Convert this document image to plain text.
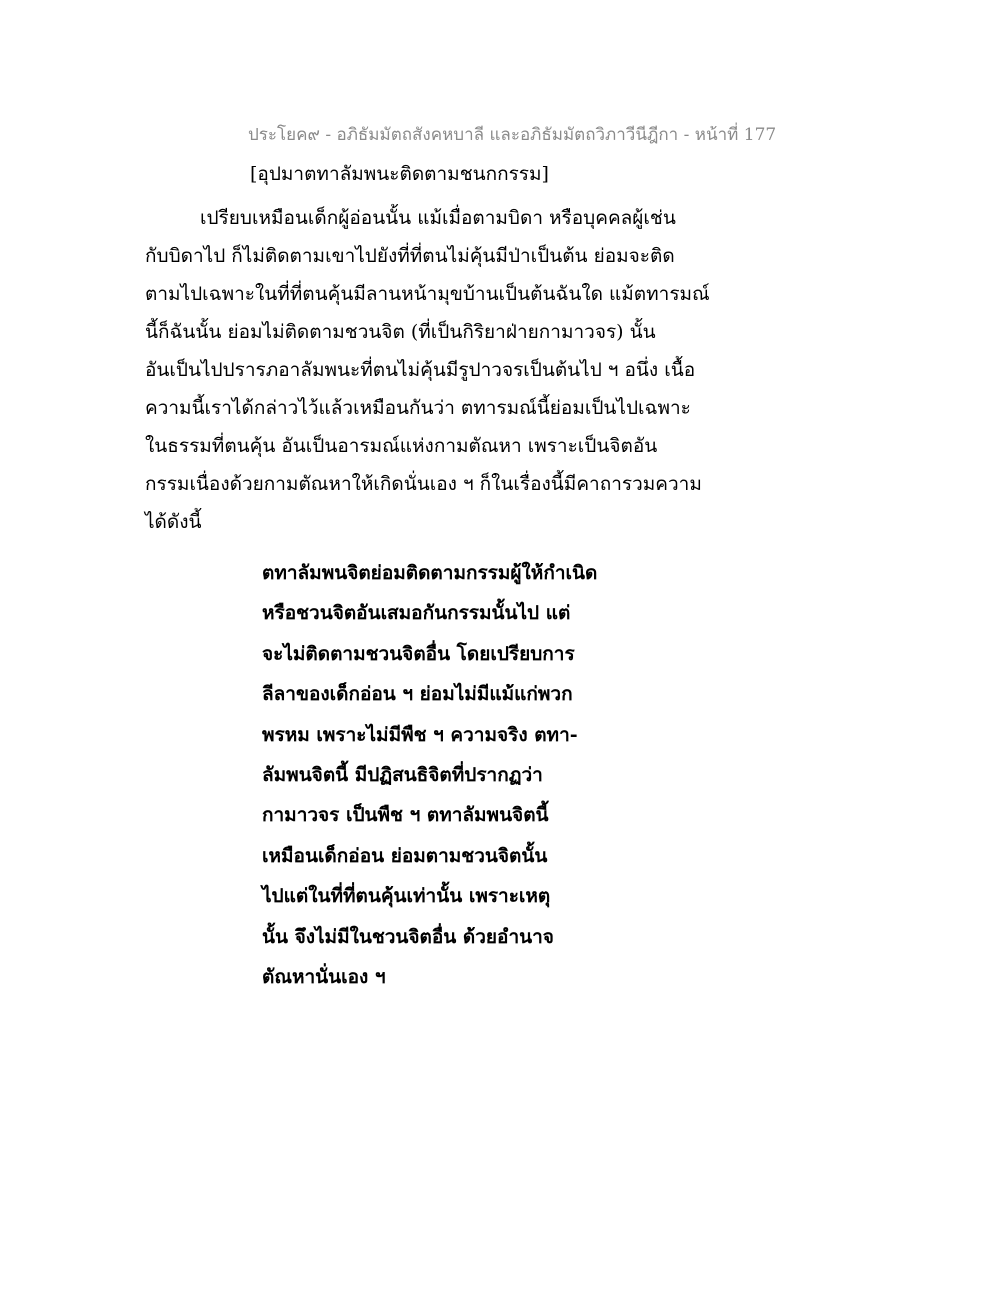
ประโยค๙ - อภิธัมมัตถสังคหบาลี และอภิธัมมัตถวิภาวีนีฎีกา - หน้าที่ 177
[อุปมาตทาลัมพนะติดตามชนกกรรม]
เปรียบเหมือนเด็กผู้อ่อนนั้น แม้เมื่อตามบิดา หรือบุคคลผู้เช่น
กับบิดาไป ก็ไม่ติดตามเขาไปยังที่ที่ตนไม่คุ้นมีป่าเป็นต้น ย่อมจะติด
ตามไปเฉพาะในที่ที่ตนคุ้นมีลานหน้ามุขบ้านเป็นต้นฉันใด แม้ตทารมณ์
นี้ก็ฉันนั้น ย่อมไม่ติดตามชวนจิต (ที่เป็นกิริยาฝ่ายกามาวจร) นั้น
อันเป็นไปปรารภอาลัมพนะที่ตนไม่คุ้นมีรูปาวจรเป็นต้นไป ฯ อนึ่ง เนื้อ
ความนี้เราได้กล่าวไว้แล้วเหมือนกันว่า ตทารมณ์นี้ย่อมเป็นไปเฉพาะ
ในธรรมที่ตนคุ้น อันเป็นอารมณ์แห่งกามตัณหา เพราะเป็นจิตอัน
กรรมเนื่องด้วยกามตัณหาให้เกิดนั่นเอง ฯ ก็ในเรื่องนี้มีคาถารวมความ
ได้ดังนี้
ตทาลัมพนจิตย่อมติดตามกรรมผู้ให้กำเนิด
หรือชวนจิตอันเสมอกันกรรมนั้นไป แต่
จะไม่ติดตามชวนจิตอื่น โดยเปรียบการ
ลีลาของเด็กอ่อน ฯ ย่อมไม่มีแม้แก่พวก
พรหม เพราะไม่มีพืช ฯ ความจริง ตทา-
ลัมพนจิตนี้ มีปฏิสนธิจิตที่ปรากฏว่า
กามาวจร เป็นพืช ฯ ตทาลัมพนจิตนี้
เหมือนเด็กอ่อน ย่อมตามชวนจิตนั้น
ไปแต่ในที่ที่ตนคุ้นเท่านั้น เพราะเหตุ
นั้น จึงไม่มีในชวนจิตอื่น ด้วยอำนาจ
ตัณหานั่นเอง ฯ
